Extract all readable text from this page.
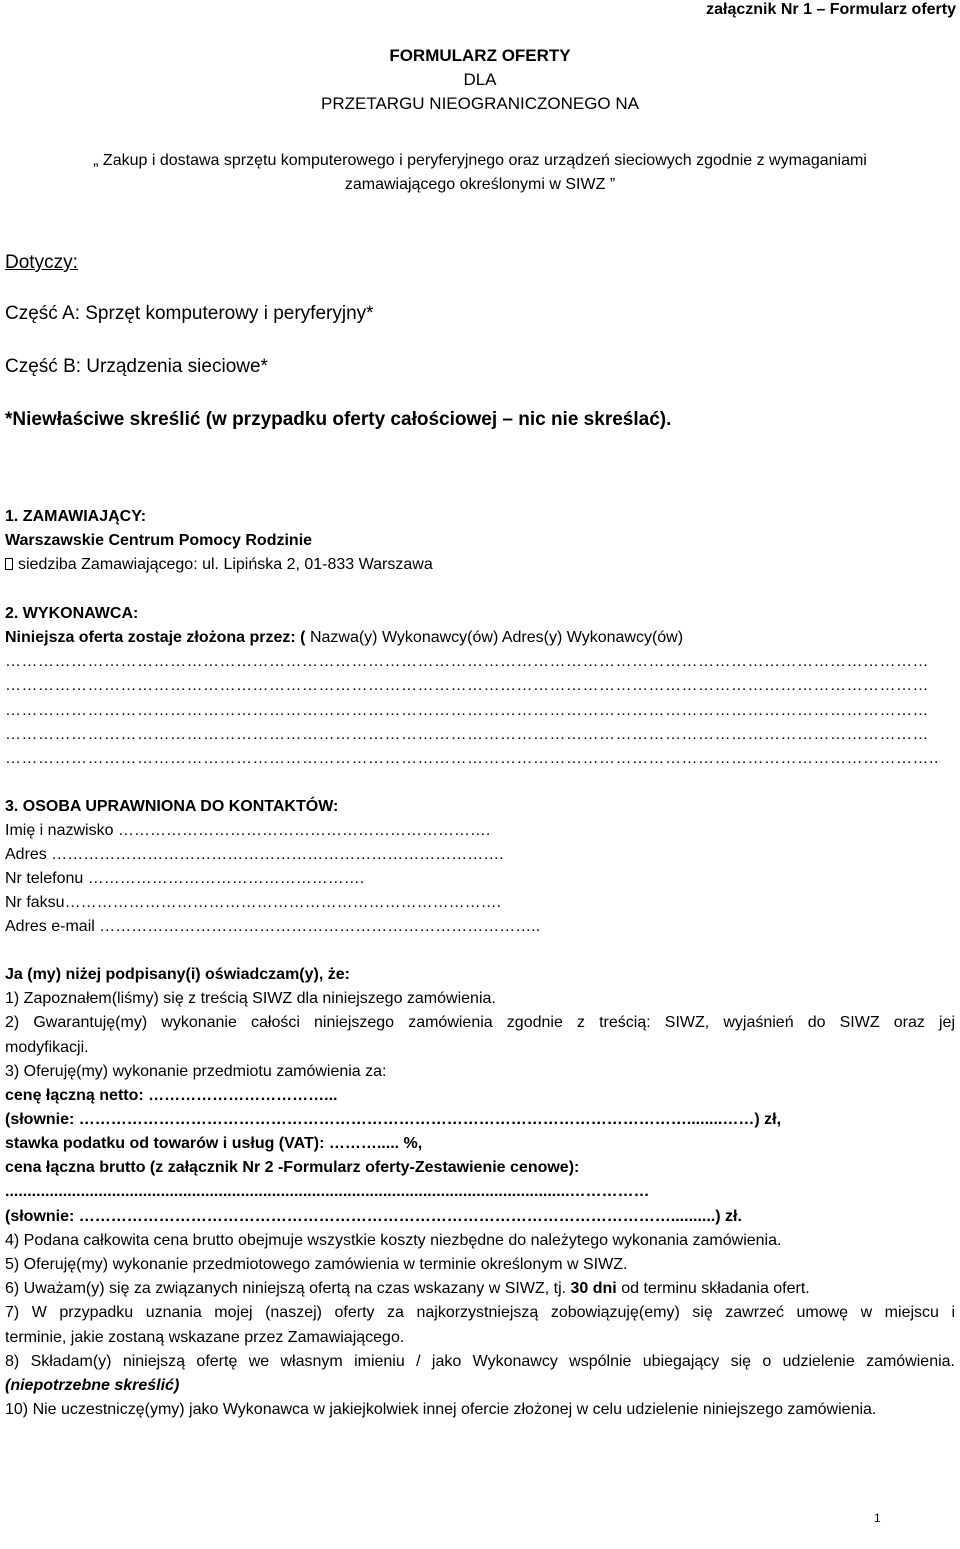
załącznik Nr 1 – Formularz oferty
FORMULARZ OFERTY
DLA
PRZETARGU NIEOGRANICZONEGO NA
„ Zakup i dostawa sprzętu komputerowego i peryferyjnego oraz urządzeń sieciowych zgodnie z wymaganiami
zamawiającego określonymi w SIWZ ”
Dotyczy:
Część A: Sprzęt komputerowy i peryferyjny*
Część B: Urządzenia sieciowe*
*Niewłaściwe skreślić (w przypadku oferty całościowej – nic nie skreślać).
1. ZAMAWIAJĄCY:
Warszawskie Centrum Pomocy Rodzinie
siedziba Zamawiającego: ul. Lipińska 2, 01-833 Warszawa
2. WYKONAWCA:
Niniejsza oferta zostaje złożona przez: ( Nazwa(y) Wykonawcy(ów) Adres(y) Wykonawcy(ów)
……………………………………………………………………………………………………………………………………………………
……………………………………………………………………………………………………………………………………………………
……………………………………………………………………………………………………………………………………………………
……………………………………………………………………………………………………………………………………………………
……………………………………………………………………………………………………………………………………………………..
3. OSOBA UPRAWNIONA DO KONTAKTÓW:
Imię i nazwisko …………………………………………………………….
Adres ………………………………………………………………………….
Nr telefonu …………………………………………….
Nr faksu……………………………………………………………………….
Adres e-mail ………………………………………………………………………..
Ja (my) niżej podpisany(i) oświadczam(y), że:
1) Zapoznałem(liśmy) się z treścią SIWZ dla niniejszego zamówienia.
2) Gwarantuję(my) wykonanie całości niniejszego zamówienia zgodnie z treścią: SIWZ, wyjaśnień do SIWZ oraz jej
modyfikacji.
3) Oferuję(my) wykonanie przedmiotu zamówienia za:
cenę łączną netto: ……………………………...
(słownie: ……………………………………………………………………………………………………........……) zł,
stawka podatku od towarów i usług (VAT): ………..... %,
cena łączna brutto (z załącznik Nr 2 -Formularz oferty-Zestawienie cenowe):
...............................................................................................................................……………
(słownie: …………………………………………………………………………………………………..........) zł.
4) Podana całkowita cena brutto obejmuje wszystkie koszty niezbędne do należytego wykonania zamówienia.
5) Oferuję(my) wykonanie przedmiotowego zamówienia w terminie określonym w SIWZ.
6) Uważam(y) się za związanych niniejszą ofertą na czas wskazany w SIWZ, tj. 30 dni od terminu składania ofert.
7) W przypadku uznania mojej (naszej) oferty za najkorzystniejszą zobowiązuję(emy) się zawrzeć umowę w miejscu i
terminie, jakie zostaną wskazane przez Zamawiającego.
8) Składam(y) niniejszą ofertę we własnym imieniu / jako Wykonawcy wspólnie ubiegający się o udzielenie zamówienia.
(niepotrzebne skreślić)
10) Nie uczestniczę(ymy) jako Wykonawca w jakiejkolwiek innej ofercie złożonej w celu udzielenie niniejszego zamówienia.
1
